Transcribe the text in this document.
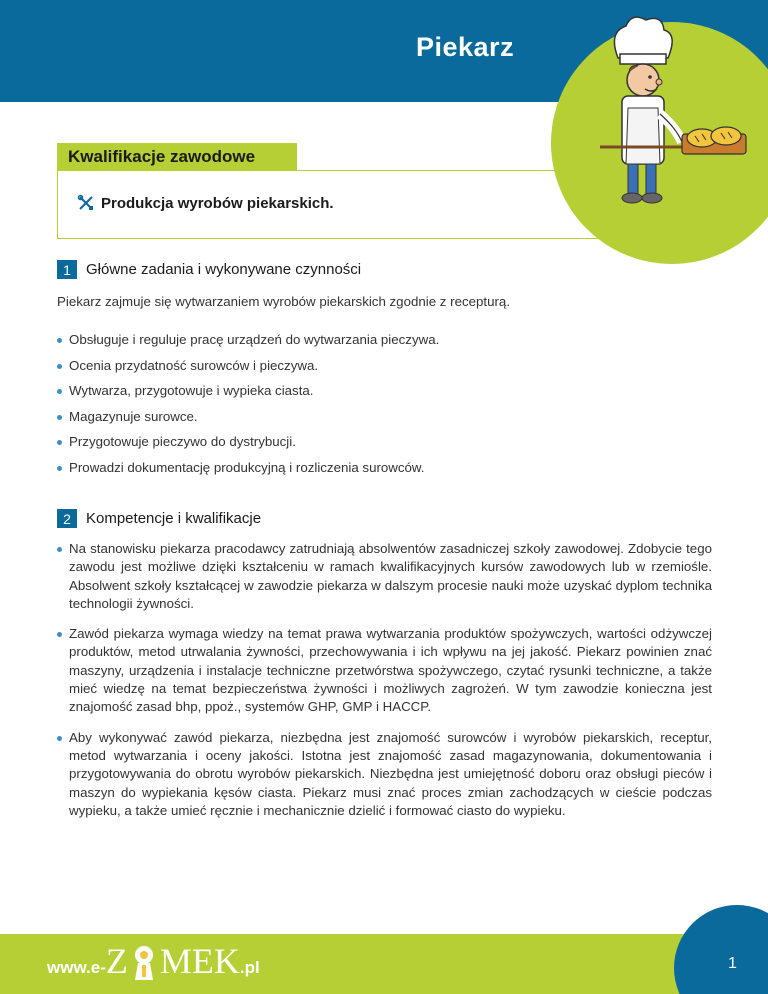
Piekarz
Kwalifikacje zawodowe
Produkcja wyrobów piekarskich.
1	Główne zadania i wykonywane czynności
Piekarz zajmuje się wytwarzaniem wyrobów piekarskich zgodnie z recepturą.
Obsługuje i reguluje pracę urządzeń do wytwarzania pieczywa.
Ocenia przydatność surowców i pieczywa.
Wytwarza, przygotowuje i wypieka ciasta.
Magazynuje surowce.
Przygotowuje pieczywo do dystrybucji.
Prowadzi dokumentację produkcyjną i rozliczenia surowców.
2	Kompetencje i kwalifikacje
Na stanowisku piekarza pracodawcy zatrudniają absolwentów zasadniczej szkoły zawodowej. Zdobycie tego zawodu jest możliwe dzięki kształceniu w ramach kwalifikacyjnych kursów zawodowych lub w rzemiośle. Absolwent szkoły kształcącej w zawodzie piekarza w dalszym procesie nauki może uzyskać dyplom technika technologii żywności.
Zawód piekarza wymaga wiedzy na temat prawa wytwarzania produktów spożywczych, wartości odżywczej produktów, metod utrwalania żywności, przechowywania i ich wpływu na jej jakość. Piekarz powinien znać maszyny, urządzenia i instalacje techniczne przetwórstwa spożywczego, czytać rysunki techniczne, a także mieć wiedzę na temat bezpieczeństwa żywności i możliwych zagrożeń. W tym zawodzie konieczna jest znajomość zasad bhp, ppoż., systemów GHP, GMP i HACCP.
Aby wykonywać zawód piekarza, niezbędna jest znajomość surowców i wyrobów piekarskich, receptur, metod wytwarzania i oceny jakości. Istotna jest znajomość zasad magazynowania, dokumentowania i przygotowywania do obrotu wyrobów piekarskich. Niezbędna jest umiejętność doboru oraz obsługi pieców i maszyn do wypiekania kęsów ciasta. Piekarz musi znać proces zmian zachodzących w cieście podczas wypieku, a także umieć ręcznie i mechanicznie dzielić i formować ciasto do wypieku.
1
www.e- Z MEK .pl
